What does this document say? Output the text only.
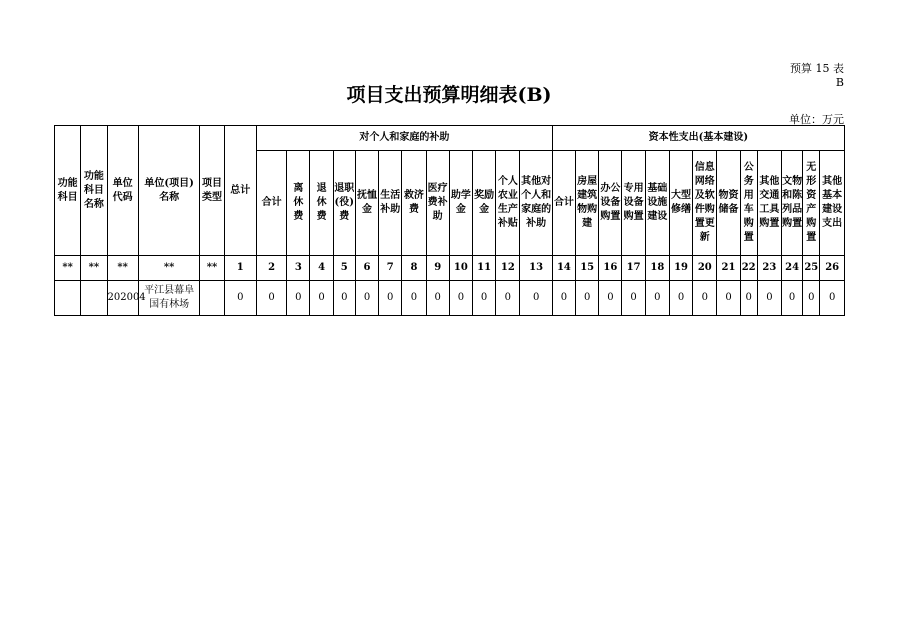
预算 15 表 B
项目支出预算明细表(B)
单位：万元
功能科目	功能科目名称	单位代码	单位(项目)名称	项目类型	总计	对个人和家庭的补助												资本性支出(基本建设)												

						合计	离休费	退休费	退职(役)费	抚恤金	生活补助	救济费	医疗费补助	助学金	奖励金	个人农业生产补贴	其他对个人和家庭的补助	合计	房屋建筑物购建	办公设备购置	专用设备购置	基础设施建设	大型修缮	信息网络及软件购置更新	物资储备	公务用车购置	其他交通工具购置	文物和陈列品购置	无形资产购置	其他基本建设支出

**	**	**	**	**	1	2	3	4	5	6	7	8	9	10	11	12	13	14	15	16	17	18	19	20	21	22	23	24	25	26
		202004	平江县幕阜国有林场		0	0	0	0	0	0	0	0	0	0	0	0	0	0	0	0	0	0	0	0	0	0	0	0	0	0
